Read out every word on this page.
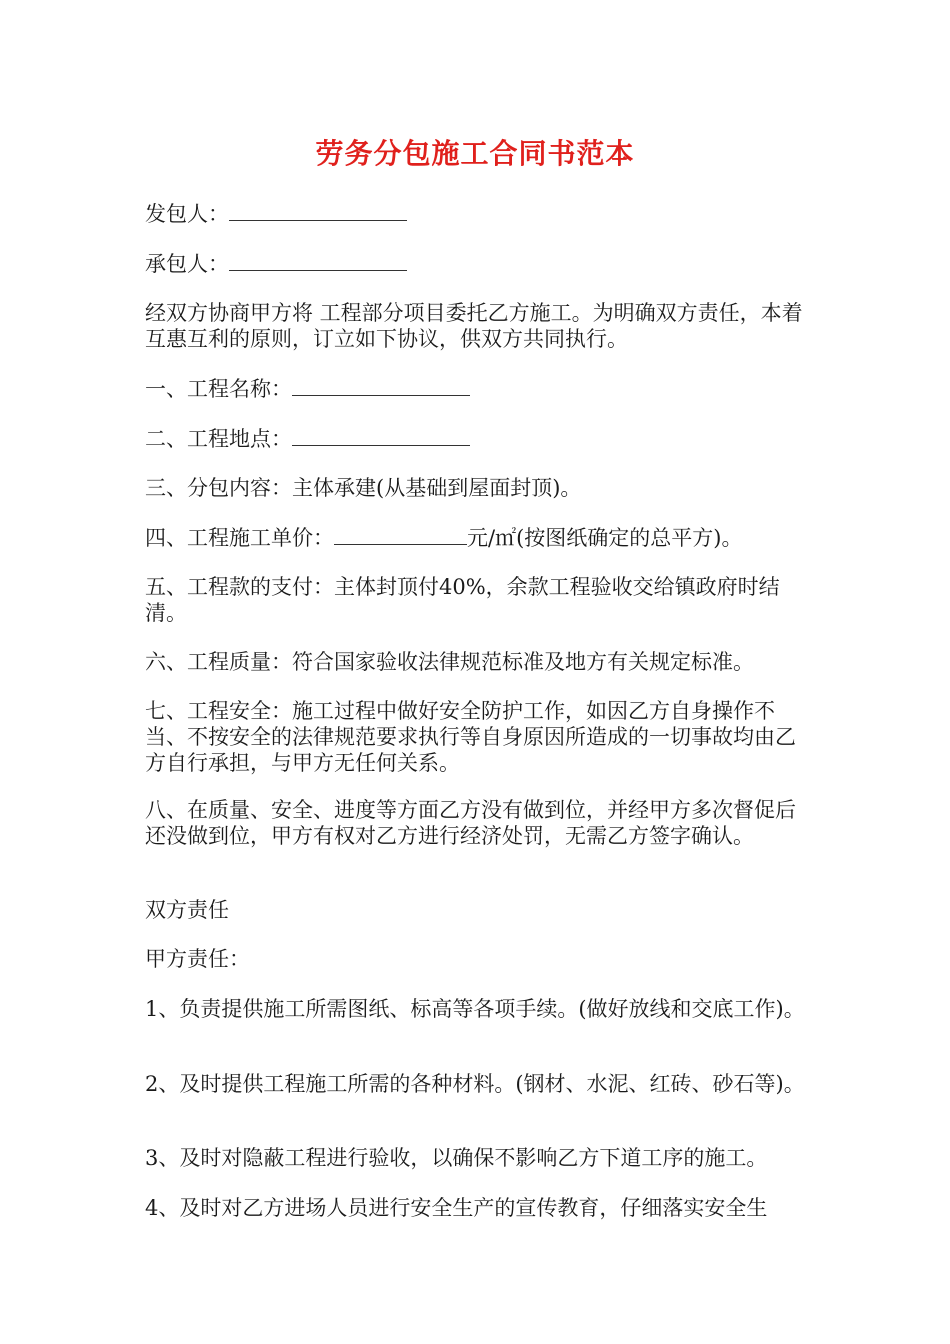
劳务分包施工合同书范本
发包人：
承包人：
经双方协商甲方将 工程部分项目委托乙方施工。为明确双方责任，本着互惠互利的原则，订立如下协议，供双方共同执行。
一、工程名称：
二、工程地点：
三、分包内容：主体承建(从基础到屋面封顶)。
四、工程施工单价：	元/㎡(按图纸确定的总平方)。
五、工程款的支付：主体封顶付40%，余款工程验收交给镇政府时结清。
六、工程质量：符合国家验收法律规范标准及地方有关规定标准。
七、工程安全：施工过程中做好安全防护工作，如因乙方自身操作不当、不按安全的法律规范要求执行等自身原因所造成的一切事故均由乙方自行承担，与甲方无任何关系。
八、在质量、安全、进度等方面乙方没有做到位，并经甲方多次督促后还没做到位，甲方有权对乙方进行经济处罚，无需乙方签字确认。
双方责任
甲方责任：
1、负责提供施工所需图纸、标高等各项手续。(做好放线和交底工作)。
2、及时提供工程施工所需的各种材料。(钢材、水泥、红砖、砂石等)。
3、及时对隐蔽工程进行验收，以确保不影响乙方下道工序的施工。
4、及时对乙方进场人员进行安全生产的宣传教育，仔细落实安全生
